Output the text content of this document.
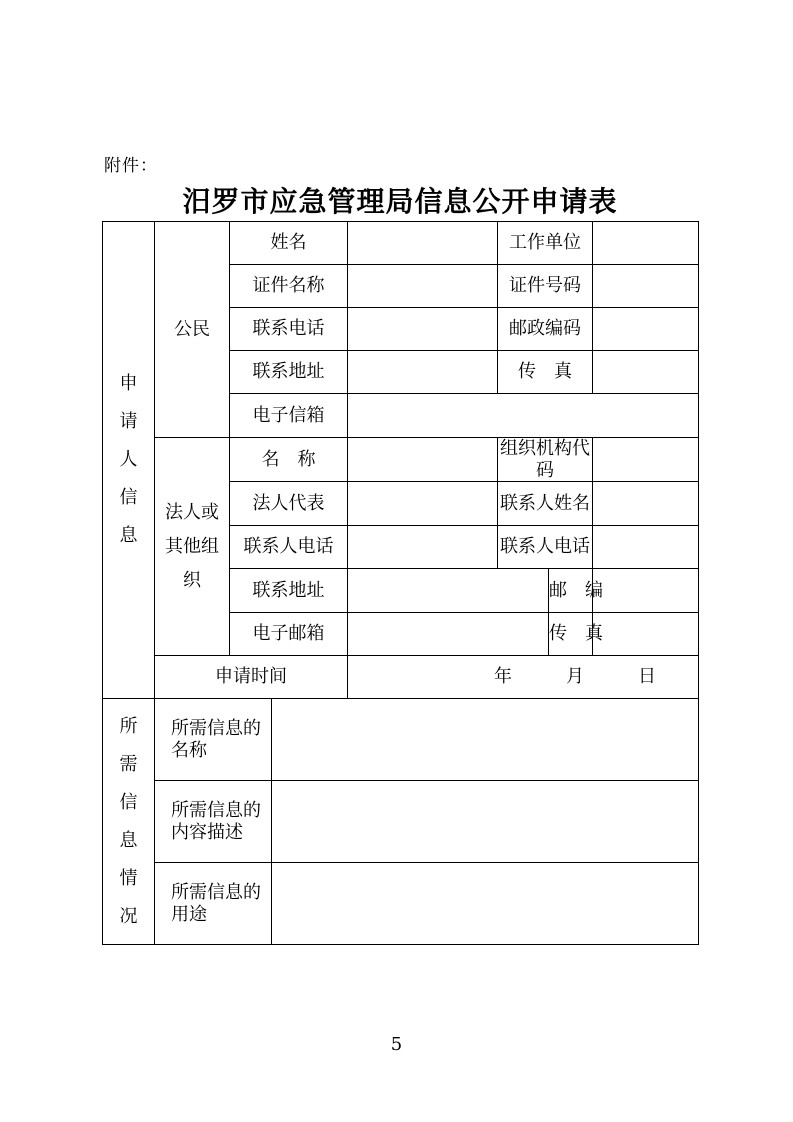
附件：
汨罗市应急管理局信息公开申请表
申请人信息	公民	姓名			工作单位		
		证件名称			证件号码		
		联系电话			邮政编码		
		联系地址			传　真		
		电子信箱					
	法人或其他组织	名　称			组织机构代码		
		法人代表			联系人姓名		
		联系人电话			联系人电话		
		联系地址				邮　编	
		电子邮箱				传　真	
	申请时间			年　　　月　　　日			
所需信息情况	所需信息的名称						
	所需信息的内容描述						
	所需信息的用途						
5
